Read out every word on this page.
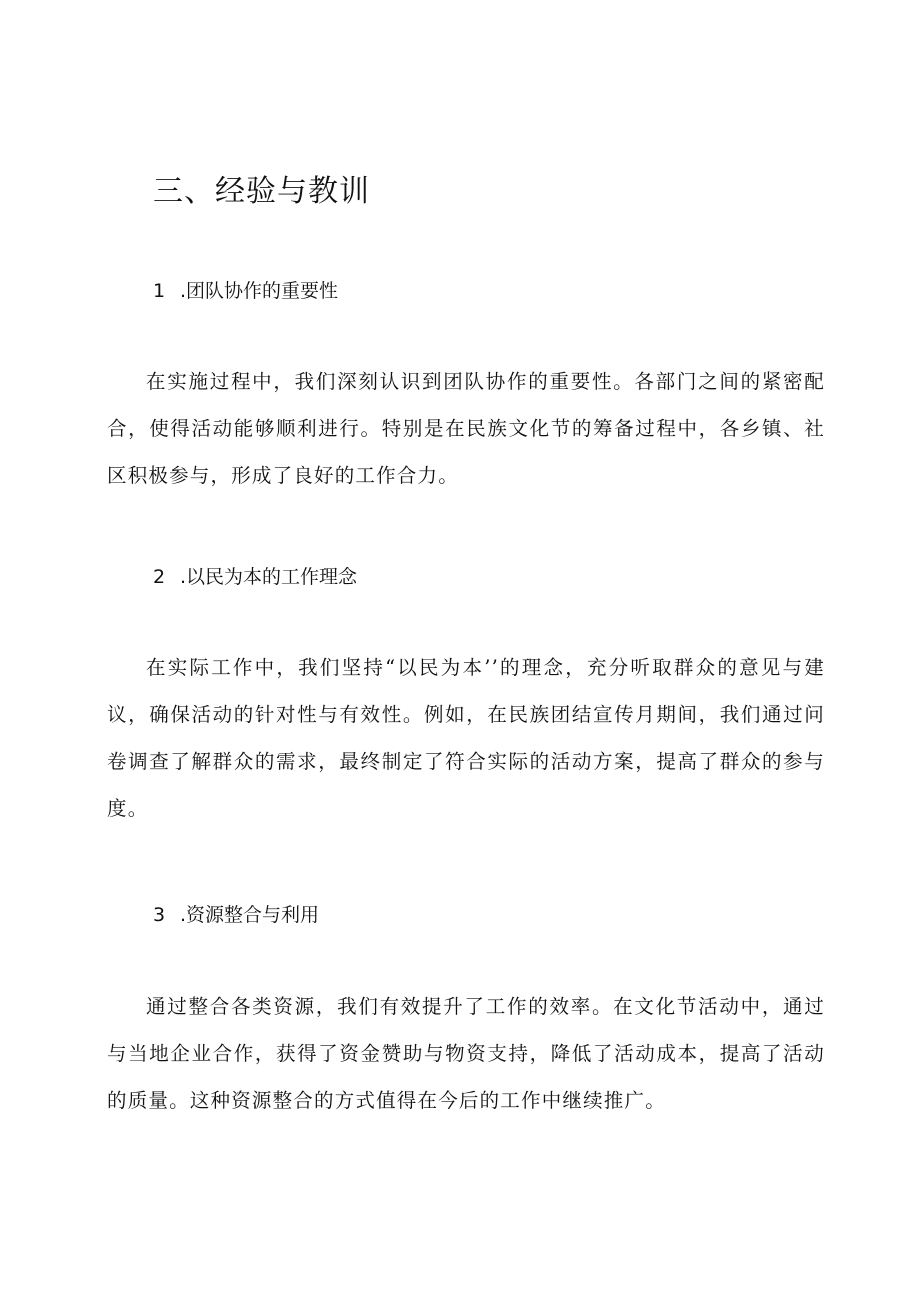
三、经验与教训
1 .团队协作的重要性
在实施过程中，我们深刻认识到团队协作的重要性。各部门之间的紧密配合，使得活动能够顺利进行。特别是在民族文化节的筹备过程中，各乡镇、社区积极参与，形成了良好的工作合力。
2 .以民为本的工作理念
在实际工作中，我们坚持“以民为本’’的理念，充分听取群众的意见与建议，确保活动的针对性与有效性。例如，在民族团结宣传月期间，我们通过问卷调查了解群众的需求，最终制定了符合实际的活动方案，提高了群众的参与度。
3 .资源整合与利用
通过整合各类资源，我们有效提升了工作的效率。在文化节活动中，通过与当地企业合作，获得了资金赞助与物资支持，降低了活动成本，提高了活动的质量。这种资源整合的方式值得在今后的工作中继续推广。
